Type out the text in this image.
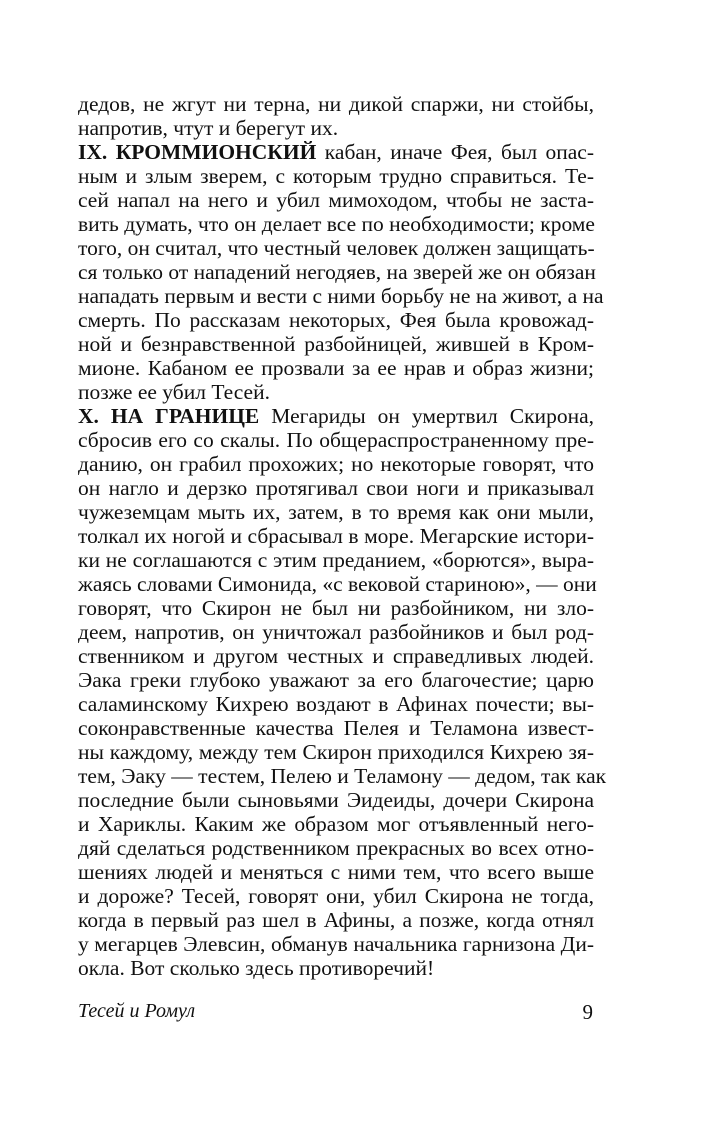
дедов, не жгут ни терна, ни дикой спаржи, ни стойбы,
напротив, чтут и берегут их.
IX. КРОММИОНСКИЙ кабан, иначе Фея, был опас-
ным и злым зверем, с которым трудно справиться. Те-
сей напал на него и убил мимоходом, чтобы не заста-
вить думать, что он делает все по необходимости; кроме
того, он считал, что честный человек должен защищать-
ся только от нападений негодяев, на зверей же он обязан
нападать первым и вести с ними борьбу не на живот, а на
смерть. По рассказам некоторых, Фея была кровожад-
ной и безнравственной разбойницей, жившей в Кром-
мионе. Кабаном ее прозвали за ее нрав и образ жизни;
позже ее убил Тесей.
X. НА ГРАНИЦЕ Мегариды он умертвил Скирона,
сбросив его со скалы. По общераспространенному пре-
данию, он грабил прохожих; но некоторые говорят, что
он нагло и дерзко протягивал свои ноги и приказывал
чужеземцам мыть их, затем, в то время как они мыли,
толкал их ногой и сбрасывал в море. Мегарские истори-
ки не соглашаются с этим преданием, «борются», выра-
жаясь словами Симонида, «с вековой стариною», — они
говорят, что Скирон не был ни разбойником, ни зло-
деем, напротив, он уничтожал разбойников и был род-
ственником и другом честных и справедливых людей.
Эака греки глубоко уважают за его благочестие; царю
саламинскому Кихрею воздают в Афинах почести; вы-
соконравственные качества Пелея и Теламона извест-
ны каждому, между тем Скирон приходился Кихрею зя-
тем, Эаку — тестем, Пелею и Теламону — дедом, так как
последние были сыновьями Эидеиды, дочери Скирона
и Хариклы. Каким же образом мог отъявленный него-
дяй сделаться родственником прекрасных во всех отно-
шениях людей и меняться с ними тем, что всего выше
и дороже? Тесей, говорят они, убил Скирона не тогда,
когда в первый раз шел в Афины, а позже, когда отнял
у мегарцев Элевсин, обманув начальника гарнизона Ди-
окла. Вот сколько здесь противоречий!
Тесей и Ромул	9
